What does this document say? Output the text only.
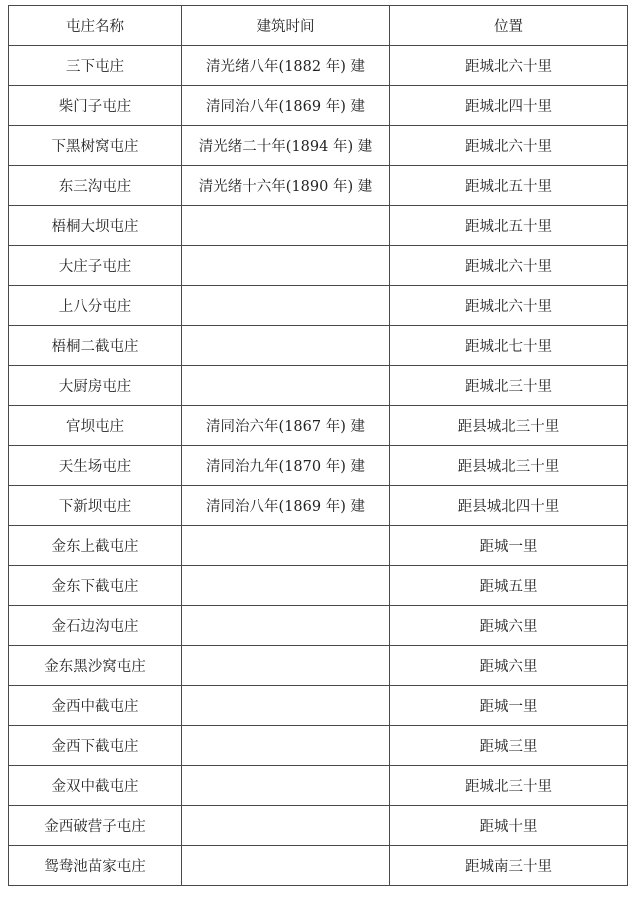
屯庄名称	建筑时间	位置
三下屯庄	清光绪八年(1882 年) 建	距城北六十里
柴门子屯庄	清同治八年(1869 年) 建	距城北四十里
下黑树窝屯庄	清光绪二十年(1894 年) 建	距城北六十里
东三沟屯庄	清光绪十六年(1890 年) 建	距城北五十里
梧桐大坝屯庄		距城北五十里
大庄子屯庄		距城北六十里
上八分屯庄		距城北六十里
梧桐二截屯庄		距城北七十里
大厨房屯庄		距城北三十里
官坝屯庄	清同治六年(1867 年) 建	距县城北三十里
天生场屯庄	清同治九年(1870 年) 建	距县城北三十里
下新坝屯庄	清同治八年(1869 年) 建	距县城北四十里
金东上截屯庄		距城一里
金东下截屯庄		距城五里
金石边沟屯庄		距城六里
金东黑沙窝屯庄		距城六里
金西中截屯庄		距城一里
金西下截屯庄		距城三里
金双中截屯庄		距城北三十里
金西破营子屯庄		距城十里
鸳鸯池苗家屯庄		距城南三十里
